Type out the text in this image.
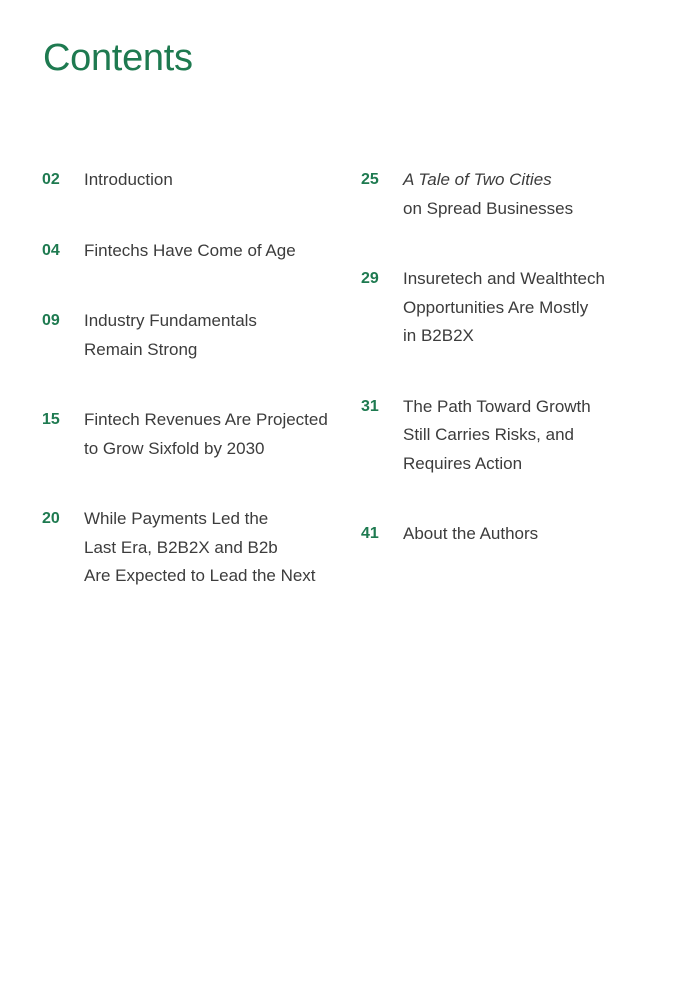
Contents
02	Introduction
04	Fintechs Have Come of Age
09	Industry Fundamentals
Remain Strong
15	Fintech Revenues Are Projected
to Grow Sixfold by 2030
20	While Payments Led the
Last Era, B2B2X and B2b
Are Expected to Lead the Next
25	A Tale of Two Cities
on Spread Businesses
29	Insuretech and Wealthtech
Opportunities Are Mostly
in B2B2X
31	The Path Toward Growth
Still Carries Risks, and
Requires Action
41	About the Authors
